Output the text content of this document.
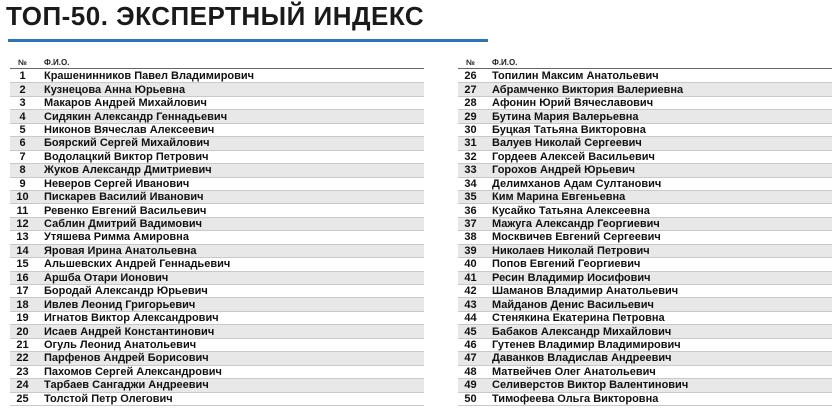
ТОП-50. ЭКСПЕРТНЫЙ ИНДЕКС
№	Ф.И.О.
1	Крашенинников Павел Владимирович
2	Кузнецова Анна Юрьевна
3	Макаров Андрей Михайлович
4	Сидякин Александр Геннадьевич
5	Никонов Вячеслав Алексеевич
6	Боярский Сергей Михайлович
7	Водолацкий Виктор Петрович
8	Жуков Александр Дмитриевич
9	Неверов Сергей Иванович
10	Пискарев Василий Иванович
11	Ревенко Евгений Васильевич
12	Саблин Дмитрий Вадимович
13	Утяшева Римма Амировна
14	Яровая Ирина Анатольевна
15	Альшевских Андрей Геннадьевич
16	Аршба Отари Ионович
17	Бородай Александр Юрьевич
18	Ивлев Леонид Григорьевич
19	Игнатов Виктор Александрович
20	Исаев Андрей Константинович
21	Огуль Леонид Анатольевич
22	Парфенов Андрей Борисович
23	Пахомов Сергей Александрович
24	Тарбаев Сангаджи Андреевич
25	Толстой Петр Олегович
№	Ф.И.О.
26	Топилин Максим Анатольевич
27	Абрамченко Виктория Валериевна
28	Афонин Юрий Вячеславович
29	Бутина Мария Валерьевна
30	Буцкая Татьяна Викторовна
31	Валуев Николай Сергеевич
32	Гордеев Алексей Васильевич
33	Горохов Андрей Юрьевич
34	Делимханов Адам Султанович
35	Ким Марина Евгеньевна
36	Кусайко Татьяна Алексеевна
37	Мажуга Александр Георгиевич
38	Москвичев Евгений Сергеевич
39	Николаев Николай Петрович
40	Попов Евгений Георгиевич
41	Ресин Владимир Иосифович
42	Шаманов Владимир Анатольевич
43	Майданов Денис Васильевич
44	Стенякина Екатерина Петровна
45	Бабаков Александр Михайлович
46	Гутенев Владимир Владимирович
47	Даванков Владислав Андреевич
48	Матвейчев Олег Анатольевич
49	Селиверстов Виктор Валентинович
50	Тимофеева Ольга Викторовна
